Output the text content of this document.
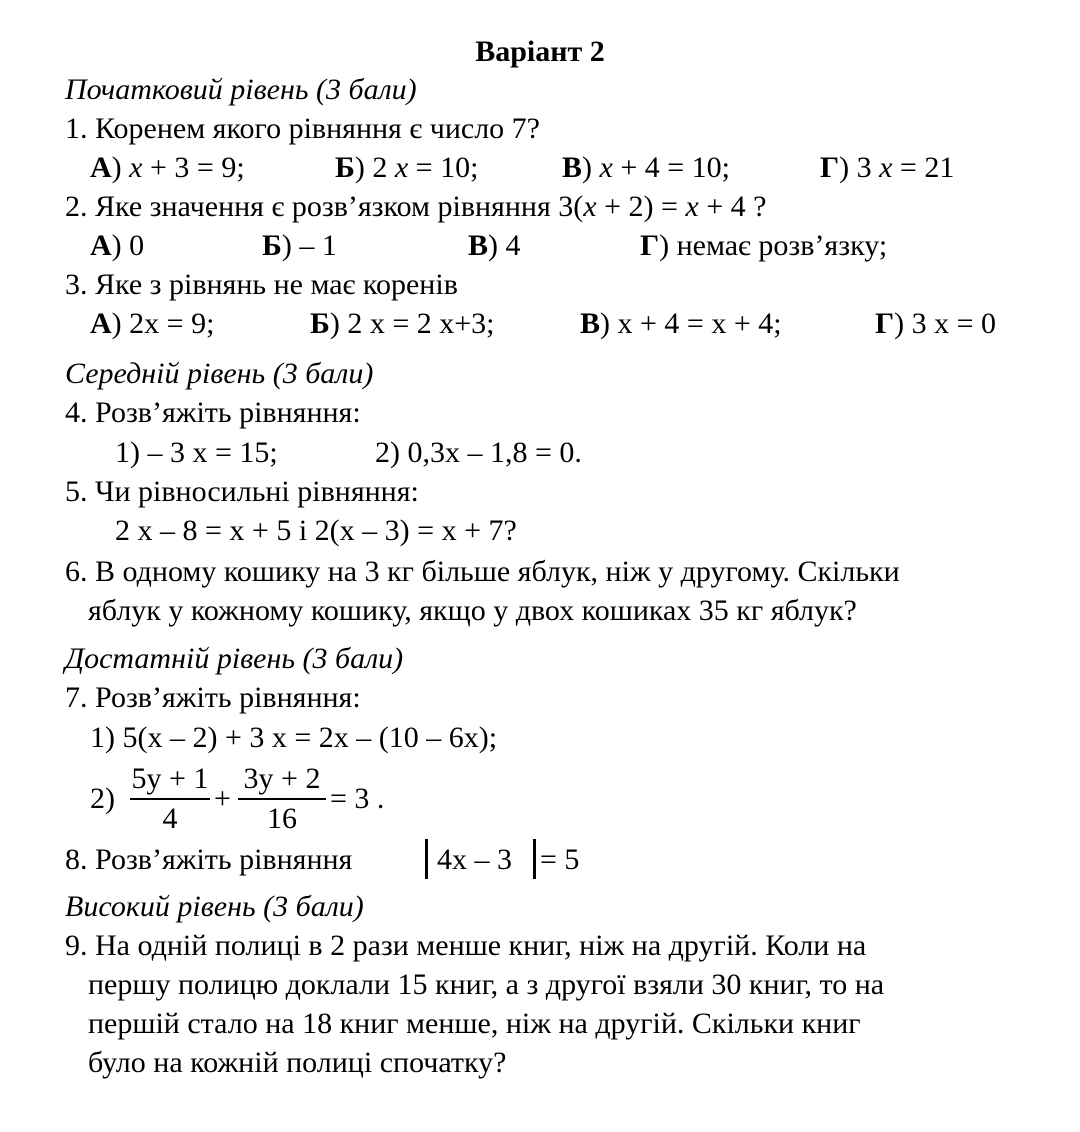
Варіант 2
Початковий рівень (3 бали)
1. Коренем якого рівняння є число 7?
А) x + 3 = 9;	Б) 2 x = 10;	В) x + 4 = 10;	Г) 3 x = 21
2. Яке значення є розв’язком рівняння 3(x + 2) = x + 4 ?
А) 0	Б) – 1	В) 4	Г) немає розв’язку;
3. Яке з рівнянь не має коренів
А) 2x = 9;	Б) 2 x = 2 x+3;	В) x + 4 = x + 4;	Г) 3 x = 0
Середній рівень (3 бали)
4. Розв’яжіть рівняння:
1) – 3 x = 15;	2) 0,3x – 1,8 = 0.
5. Чи рівносильні рівняння:
2 x – 8 = x + 5 і 2(x – 3) = x + 7?
6. В одному кошику на 3 кг більше яблук, ніж у другому. Скільки
яблук у кожному кошику, якщо у двох кошиках 35 кг яблук?
Достатній рівень (3 бали)
7. Розв’яжіть рівняння:
1) 5(x – 2) + 3 x = 2x – (10 – 6x);
2)
5y + 1
4
+
3y + 2
16
= 3 .
8. Розв’яжіть рівняння	4x – 3 = 5
Високий рівень (3 бали)
9. На одній полиці в 2 рази менше книг, ніж на другій. Коли на
першу полицю доклали 15 книг, а з другої взяли 30 книг, то на
першій стало на 18 книг менше, ніж на другій. Скільки книг
було на кожній полиці спочатку?
